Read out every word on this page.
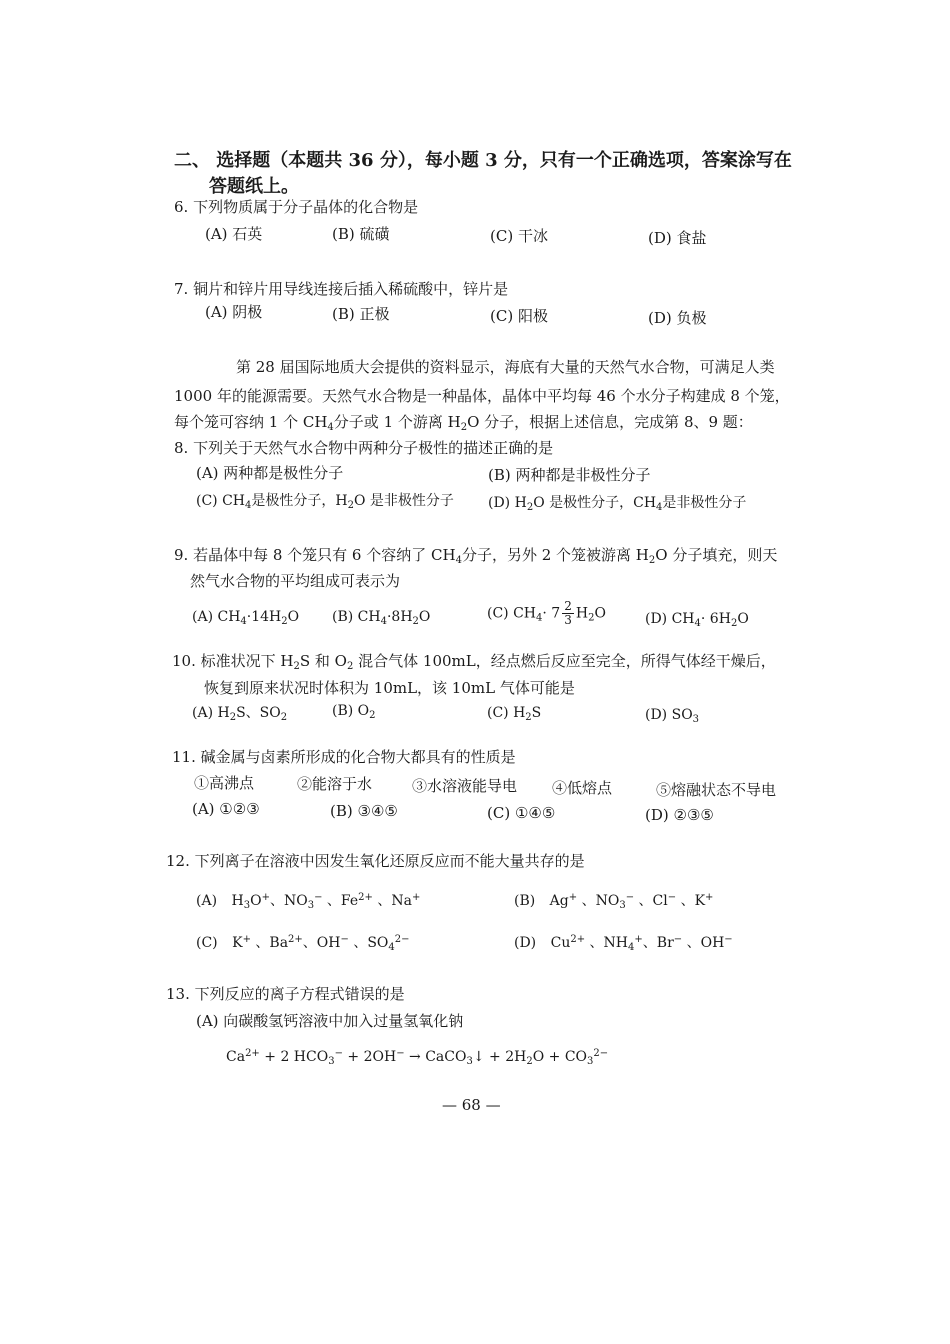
二、 选择题（本题共 36 分），每小题 3 分，只有一个正确选项，答案涂写在
答题纸上。
6. 下列物质属于分子晶体的化合物是
(A) 石英	(B) 硫磺	(C) 干冰	(D) 食盐
7. 铜片和锌片用导线连接后插入稀硫酸中，锌片是
(A) 阴极	(B) 正极	(C) 阳极	(D) 负极
第 28 届国际地质大会提供的资料显示，海底有大量的天然气水合物，可满足人类
1000 年的能源需要。天然气水合物是一种晶体，晶体中平均每 46 个水分子构建成 8 个笼，
每个笼可容纳 1 个 $CH_4$分子或 1 个游离 $H_2O$ 分子，根据上述信息，完成第 8、9 题：
8. 下列关于天然气水合物中两种分子极性的描述正确的是
(A) 两种都是极性分子	(B) 两种都是非极性分子
(C) $CH_4$是极性分子，$H_2O$ 是非极性分子 (D) $H_2O$ 是极性分子，$CH_4$是非极性分子
9. 若晶体中每 8 个笼只有 6 个容纳了 $CH_4$分子，另外 2 个笼被游离 $H_2O$ 分子填充，则天
然气水合物的平均组成可表示为
(A) $CH_4\cdot 14H_2O$ (B) $CH_4\cdot 8H_2O$	(C) $CH_4\cdot 7 \frac{2}{3} H_2O$	(D) $CH_4\cdot 6H_2O$
10. 标准状况下 $H_2S$ 和 $O_2$ 混合气体 100mL，经点燃后反应至完全，所得气体经干燥后，
恢复到原来状况时体积为 10mL，该 10mL 气体可能是
(A) $H_2S$、$SO_2$	(B) $O_2$	(C) $H_2S$	(D) $SO_3$
11. 碱金属与卤素所形成的化合物大都具有的性质是
①高沸点	②能溶于水	③水溶液能导电 ④低熔点	⑤熔融状态不导电
(A) ①②③	(B) ③④⑤	(C) ①④⑤	(D) ②③⑤
12. 下列离子在溶液中因发生氧化还原反应而不能大量共存的是
(A) $H_3O^+$、$NO_3^-$ 、$Fe^{2+}$ 、Na+	(B) Ag+ 、$NO_3^-$ 、Cl− 、K+
(C) K+ 、$Ba^{2+}$、OH− 、$SO_4^{2-}$	(D) $Cu^{2+}$ 、$NH_4^+$、Br− 、OH−
13. 下列反应的离子方程式错误的是
(A) 向碳酸氢钙溶液中加入过量氢氧化钠
$Ca^{2+} + 2$ $HCO_3^- + 2OH^-$ → CaCO$_3$↓ + $2H_2O + CO_3^{2-}$
— 68 —
